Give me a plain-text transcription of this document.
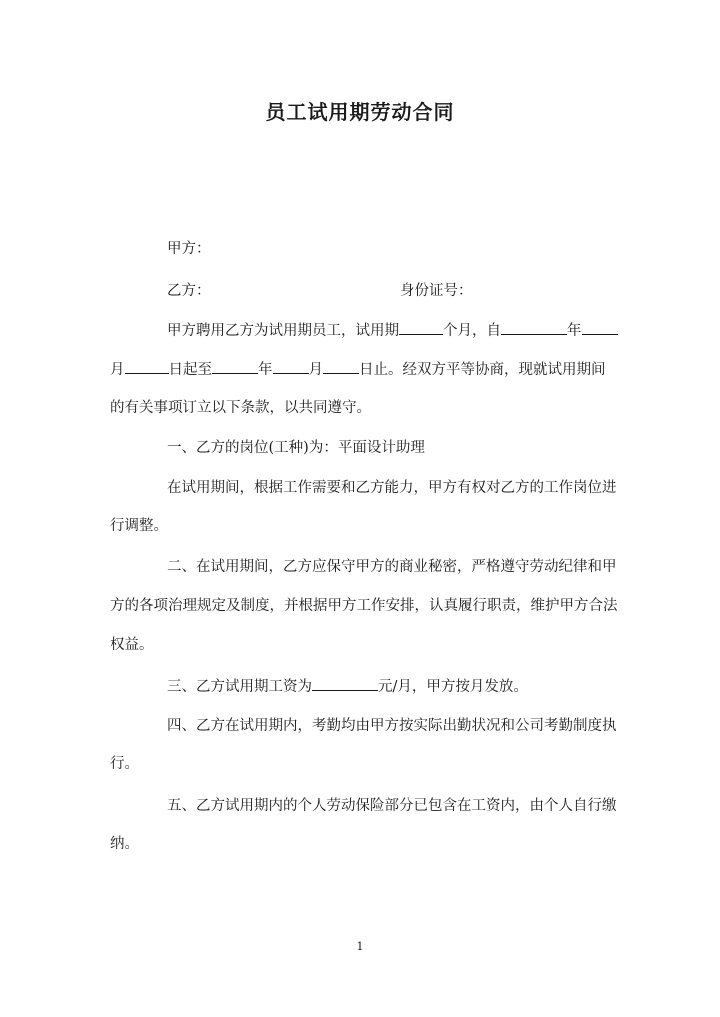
员工试用期劳动合同
甲方：
乙方：	身份证号：
甲方聘用乙方为试用期员工，试用期	个月，自	年
月	日起至	年 月 日止。经双方平等协商，现就试用期间
的有关事项订立以下条款，以共同遵守。
一、乙方的岗位(工种)为：平面设计助理
在试用期间，根据工作需要和乙方能力，甲方有权对乙方的工作岗位进
行调整。
二、在试用期间，乙方应保守甲方的商业秘密，严格遵守劳动纪律和甲
方的各项治理规定及制度，并根据甲方工作安排，认真履行职责，维护甲方合法
权益。
三、乙方试用期工资为	元/月，甲方按月发放。
四、乙方在试用期内，考勤均由甲方按实际出勤状况和公司考勤制度执
行。
五、乙方试用期内的个人劳动保险部分已包含在工资内，由个人自行缴
纳。
1
